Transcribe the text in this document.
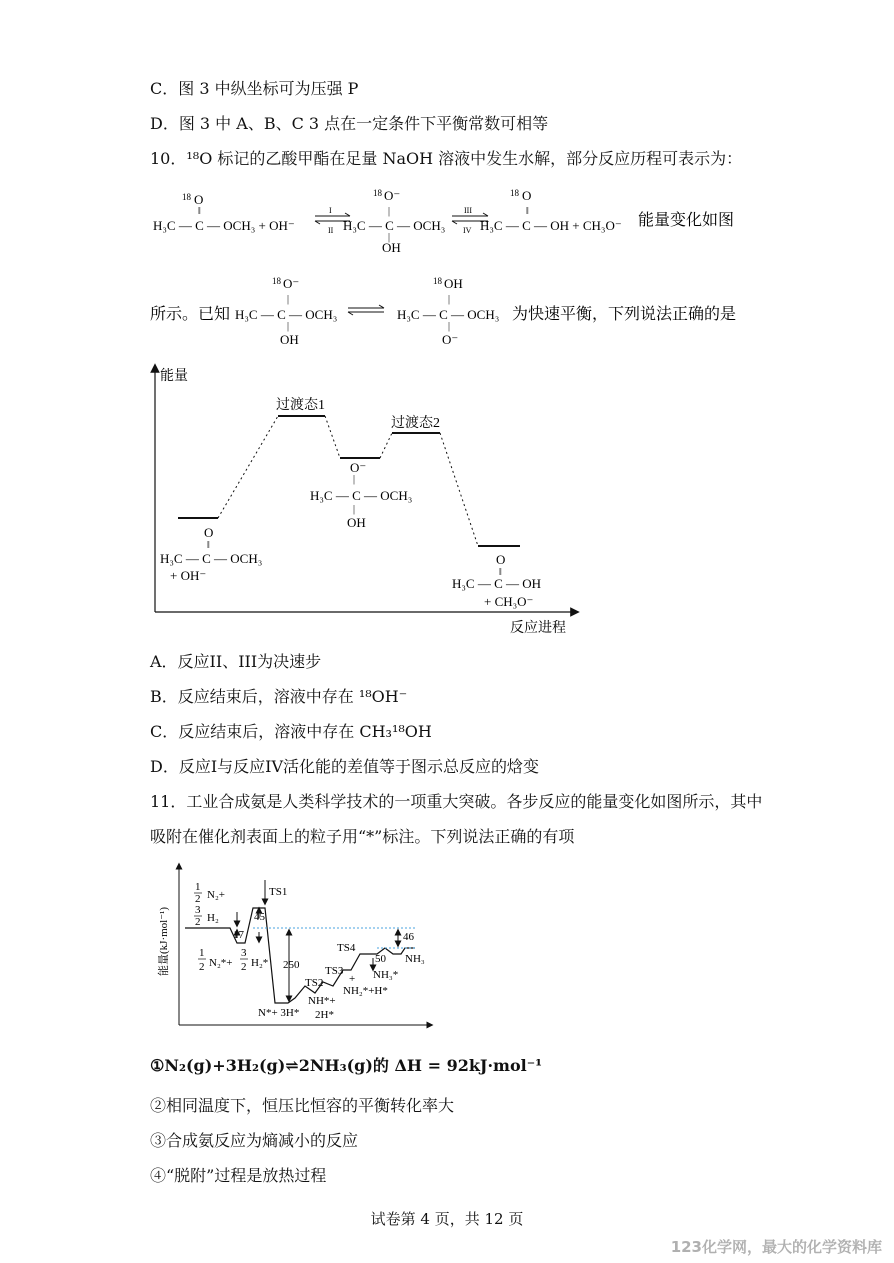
C．图 3 中纵坐标可为压强 P
D．图 3 中 A、B、C 3 点在一定条件下平衡常数可相等
10．¹⁸O 标记的乙酸甲酯在足量 NaOH 溶液中发生水解，部分反应历程可表示为：
18 O
‖
H₃C — C — OCH₃ + OH⁻
I
II
18 O⁻
|
H₃C — C — OCH₃
|
OH
III
IV
18 O
‖
H₃C — C — OH + CH₃O⁻ 能量变化如图
所示。已知
18 O⁻
|
H₃C — C — OCH₃
|
OH
18 OH
|
H₃C — C — OCH₃
|
O⁻
为快速平衡，下列说法正确的是
能量
反应进程
过渡态1
过渡态2
O
‖
H₃C — C — OCH₃
+ OH⁻
O⁻
|
H₃C — C — OCH₃
|
OH
O
‖
H₃C — C — OH
+ CH₃O⁻
A．反应II、III为决速步
B．反应结束后，溶液中存在 ¹⁸OH⁻
C．反应结束后，溶液中存在 CH₃¹⁸OH
D．反应I与反应IV活化能的差值等于图示总反应的焓变
11．工业合成氨是人类科学技术的一项重大突破。各步反应的能量变化如图所示，其中
吸附在催化剂表面上的粒子用“*”标注。下列说法正确的有项
能量(kJ·mol⁻¹)
1
2 N₂+
3
2 H₂
TS1
45
17
1
2 N₂*+
3
2 H₂* 250
N*+ 3H*
TS2
TS3
NH*+
2H*
NH₂*+H*
+
TS4
50
NH₃*
46
NH₃
①N₂(g)+3H₂(g)⇌2NH₃(g)的 ΔH = 92kJ·mol⁻¹
②相同温度下，恒压比恒容的平衡转化率大
③合成氨反应为熵减小的反应
④“脱附”过程是放热过程
试卷第 4 页，共 12 页
123化学网，最大的化学资料库
